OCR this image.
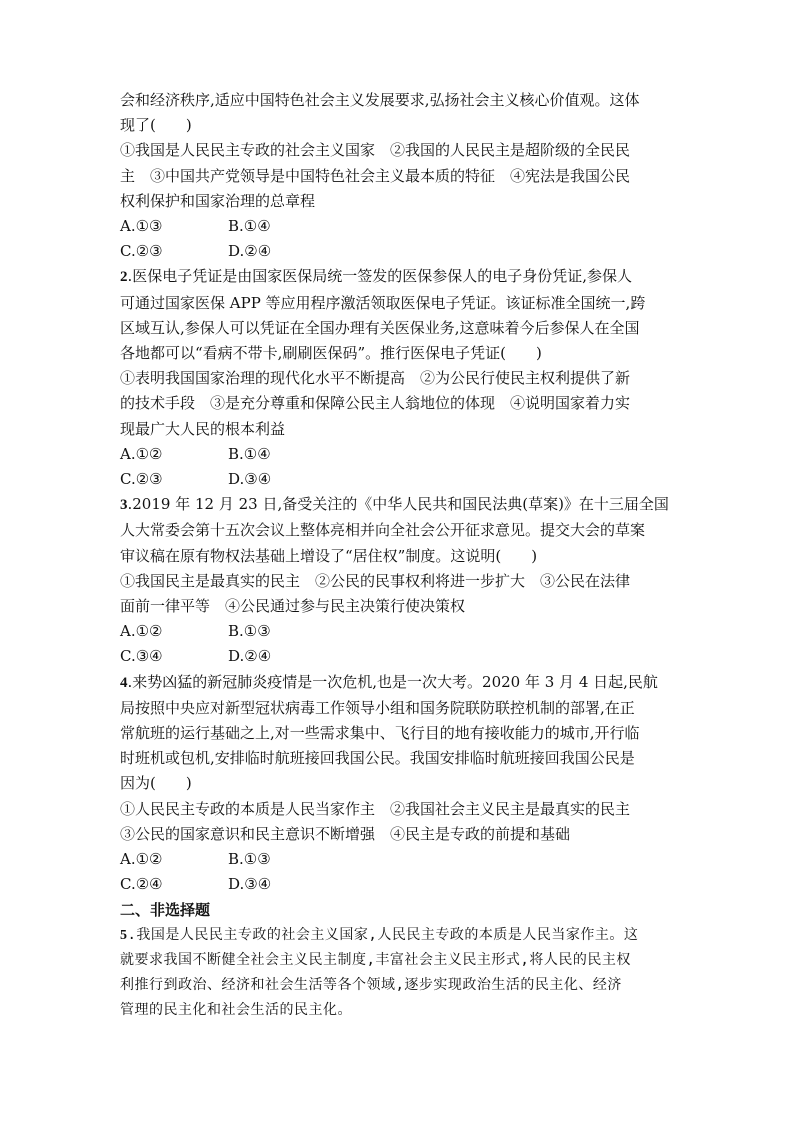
会和经济秩序,适应中国特色社会主义发展要求,弘扬社会主义核心价值观。这体

现了(　　)

①我国是人民民主专政的社会主义国家　②我国的人民民主是超阶级的全民民

主　③中国共产党领导是中国特色社会主义最本质的特征　④宪法是我国公民

权利保护和国家治理的总章程

A.①③	B.①④
C.②③	D.②④

2.医保电子凭证是由国家医保局统一签发的医保参保人的电子身份凭证,参保人

可通过国家医保 APP 等应用程序激活领取医保电子凭证。该证标准全国统一,跨

区域互认,参保人可以凭证在全国办理有关医保业务,这意味着今后参保人在全国

各地都可以“看病不带卡,刷刷医保码”。推行医保电子凭证(　　)

①表明我国国家治理的现代化水平不断提高　②为公民行使民主权利提供了新

的技术手段　③是充分尊重和保障公民主人翁地位的体现　④说明国家着力实

现最广大人民的根本利益

A.①②	B.①④
C.②③	D.③④

3.2019 年 12 月 23 日,备受关注的《中华人民共和国民法典(草案)》在十三届全国

人大常委会第十五次会议上整体亮相并向全社会公开征求意见。提交大会的草案

审议稿在原有物权法基础上增设了“居住权”制度。这说明(　　)

①我国民主是最真实的民主　②公民的民事权利将进一步扩大　③公民在法律

面前一律平等　④公民通过参与民主决策行使决策权

A.①②	B.①③
C.③④	D.②④

4.来势凶猛的新冠肺炎疫情是一次危机,也是一次大考。2020 年 3 月 4 日起,民航

局按照中央应对新型冠状病毒工作领导小组和国务院联防联控机制的部署,在正

常航班的运行基础之上,对一些需求集中、飞行目的地有接收能力的城市,开行临

时班机或包机,安排临时航班接回我国公民。我国安排临时航班接回我国公民是

因为(　　)

①人民民主专政的本质是人民当家作主　②我国社会主义民主是最真实的民主

③公民的国家意识和民主意识不断增强　④民主是专政的前提和基础

A.①②	B.①③
C.②④	D.③④

二、非选择题

5.我国是人民民主专政的社会主义国家,人民民主专政的本质是人民当家作主。这

就要求我国不断健全社会主义民主制度,丰富社会主义民主形式,将人民的民主权

利推行到政治、经济和社会生活等各个领域,逐步实现政治生活的民主化、经济

管理的民主化和社会生活的民主化。
